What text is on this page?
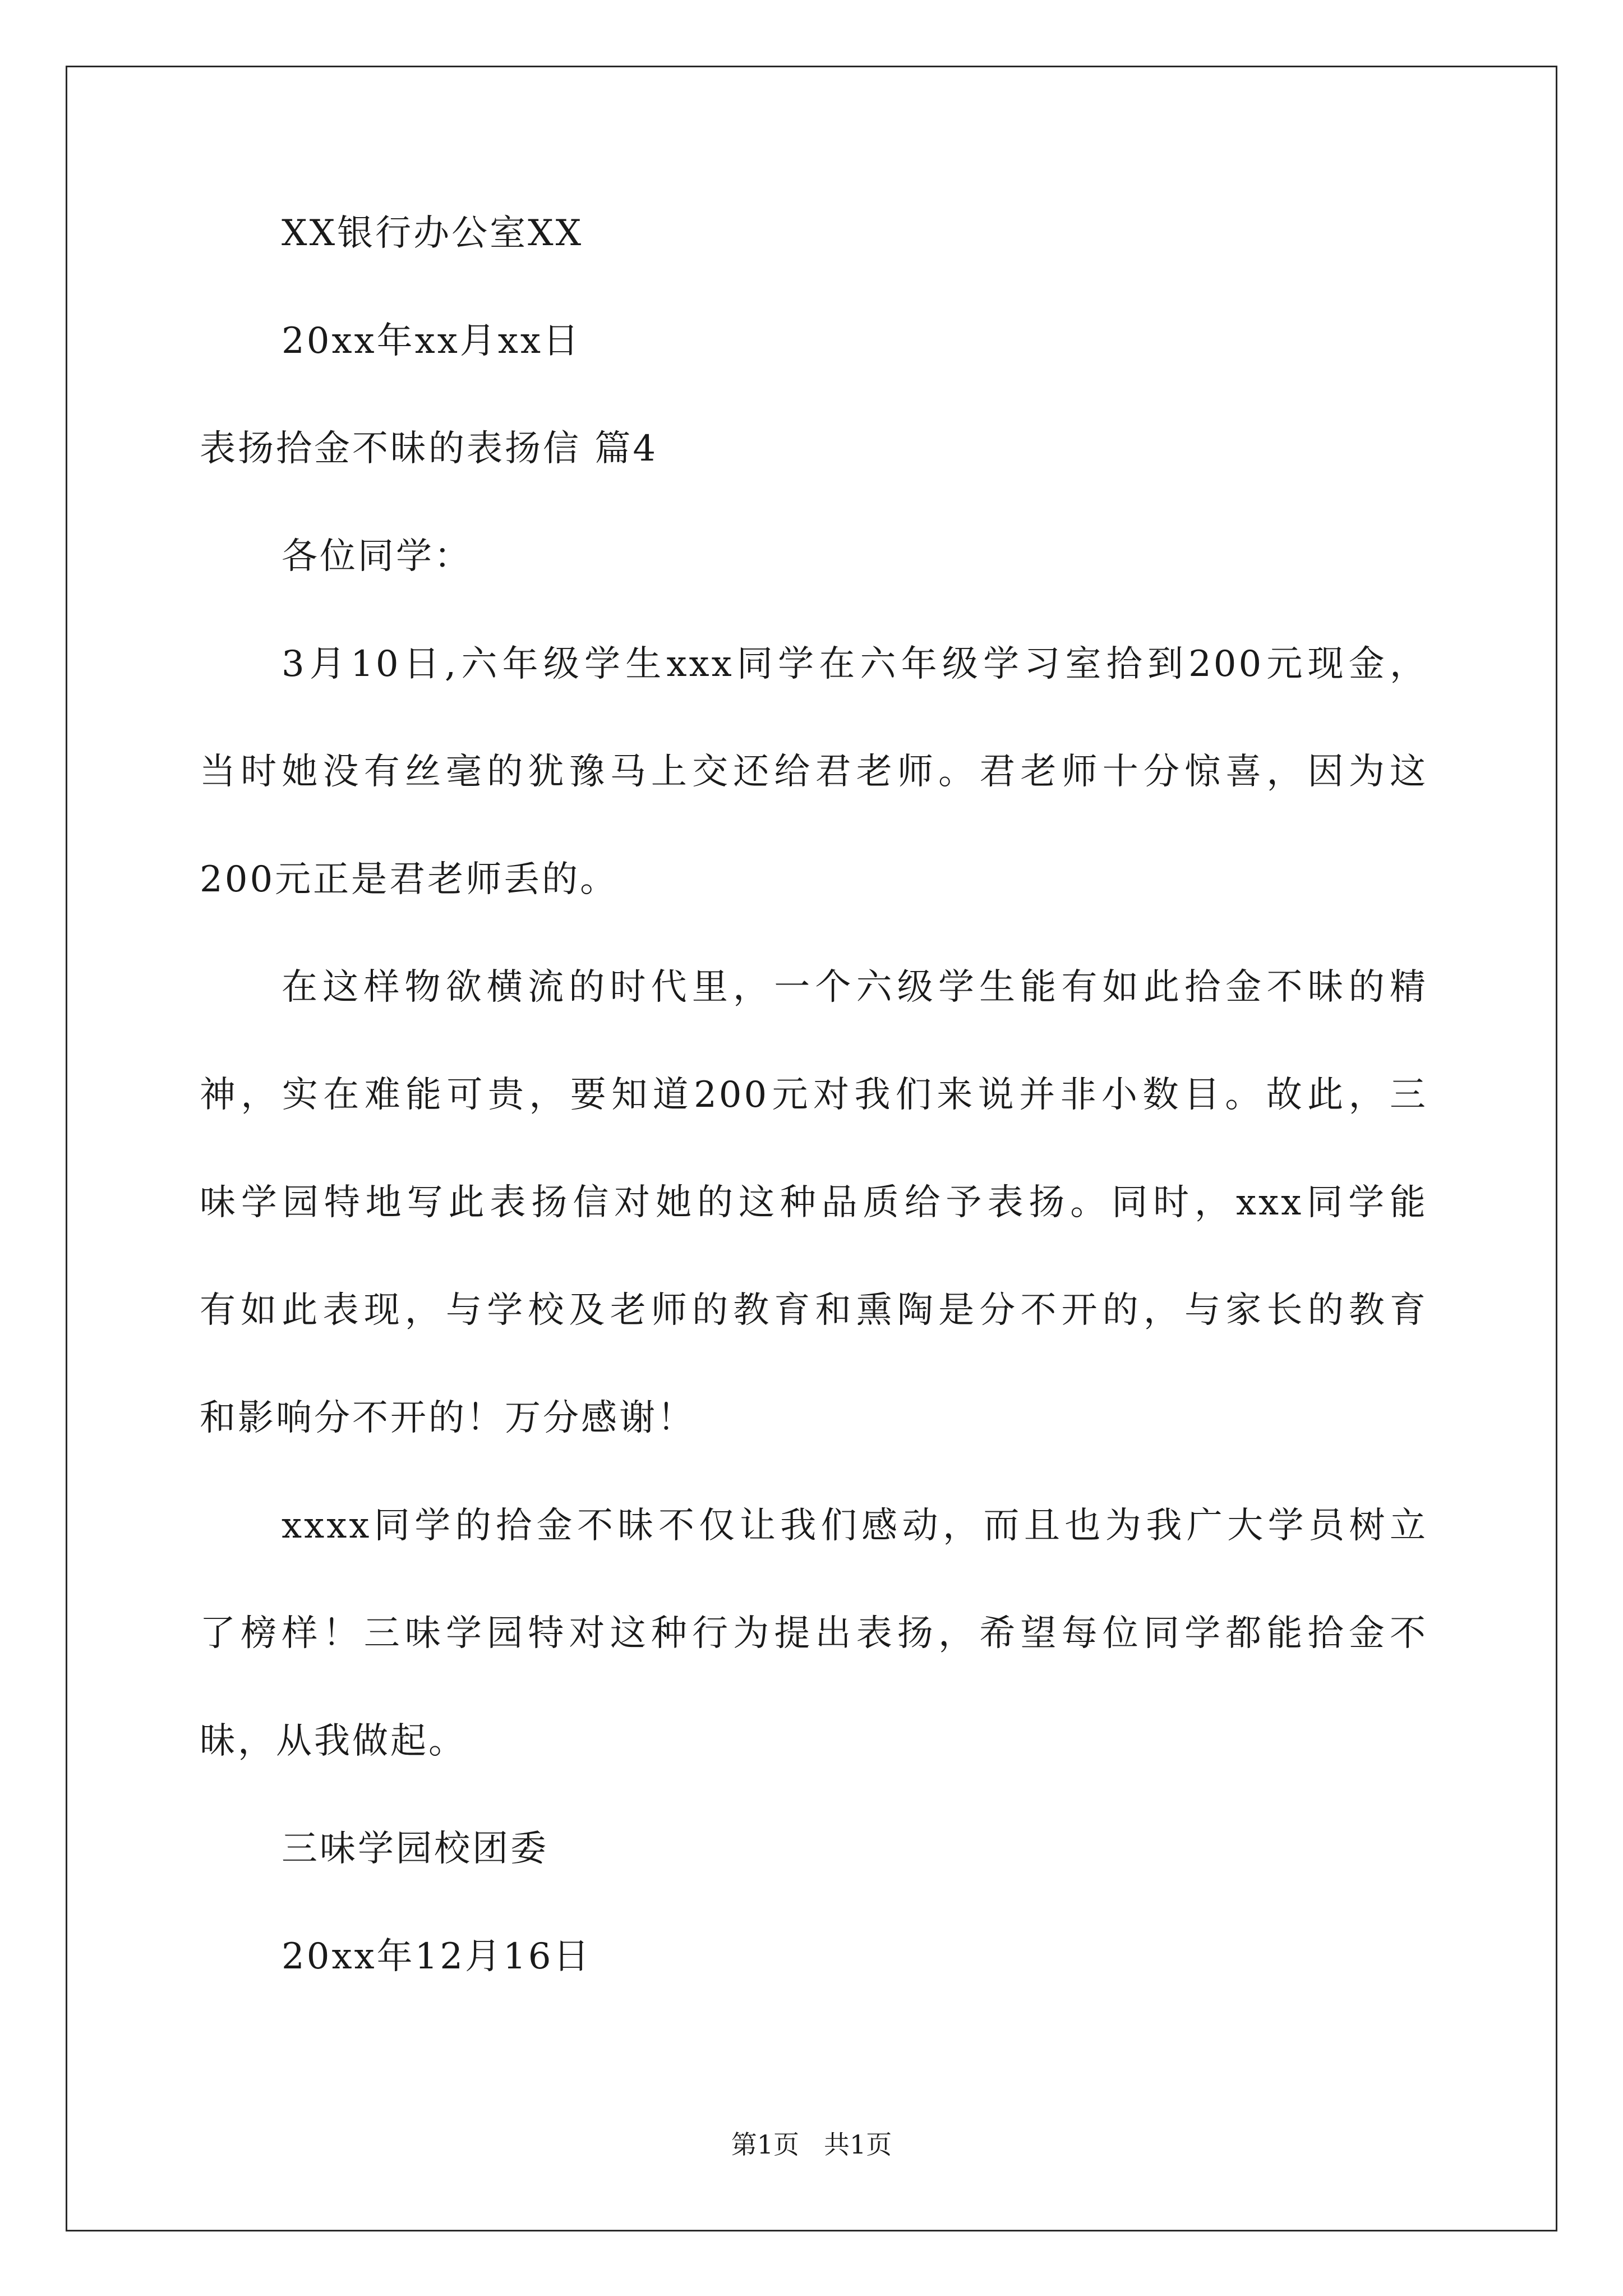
XX银行办公室XX
20xx年xx月xx日
表扬拾金不昧的表扬信 篇4
各位同学：
3月10日,六年级学生xxx同学在六年级学习室拾到200元现金，
当时她没有丝毫的犹豫马上交还给君老师。君老师十分惊喜，因为这
200元正是君老师丢的。
在这样物欲横流的时代里，一个六级学生能有如此拾金不昧的精
神，实在难能可贵，要知道200元对我们来说并非小数目。故此，三
味学园特地写此表扬信对她的这种品质给予表扬。同时，xxx同学能
有如此表现，与学校及老师的教育和熏陶是分不开的，与家长的教育
和影响分不开的！万分感谢！
xxxx同学的拾金不昧不仅让我们感动，而且也为我广大学员树立
了榜样！三味学园特对这种行为提出表扬，希望每位同学都能拾金不
昧，从我做起。
三味学园校团委
20xx年12月16日
第1页 共1页
